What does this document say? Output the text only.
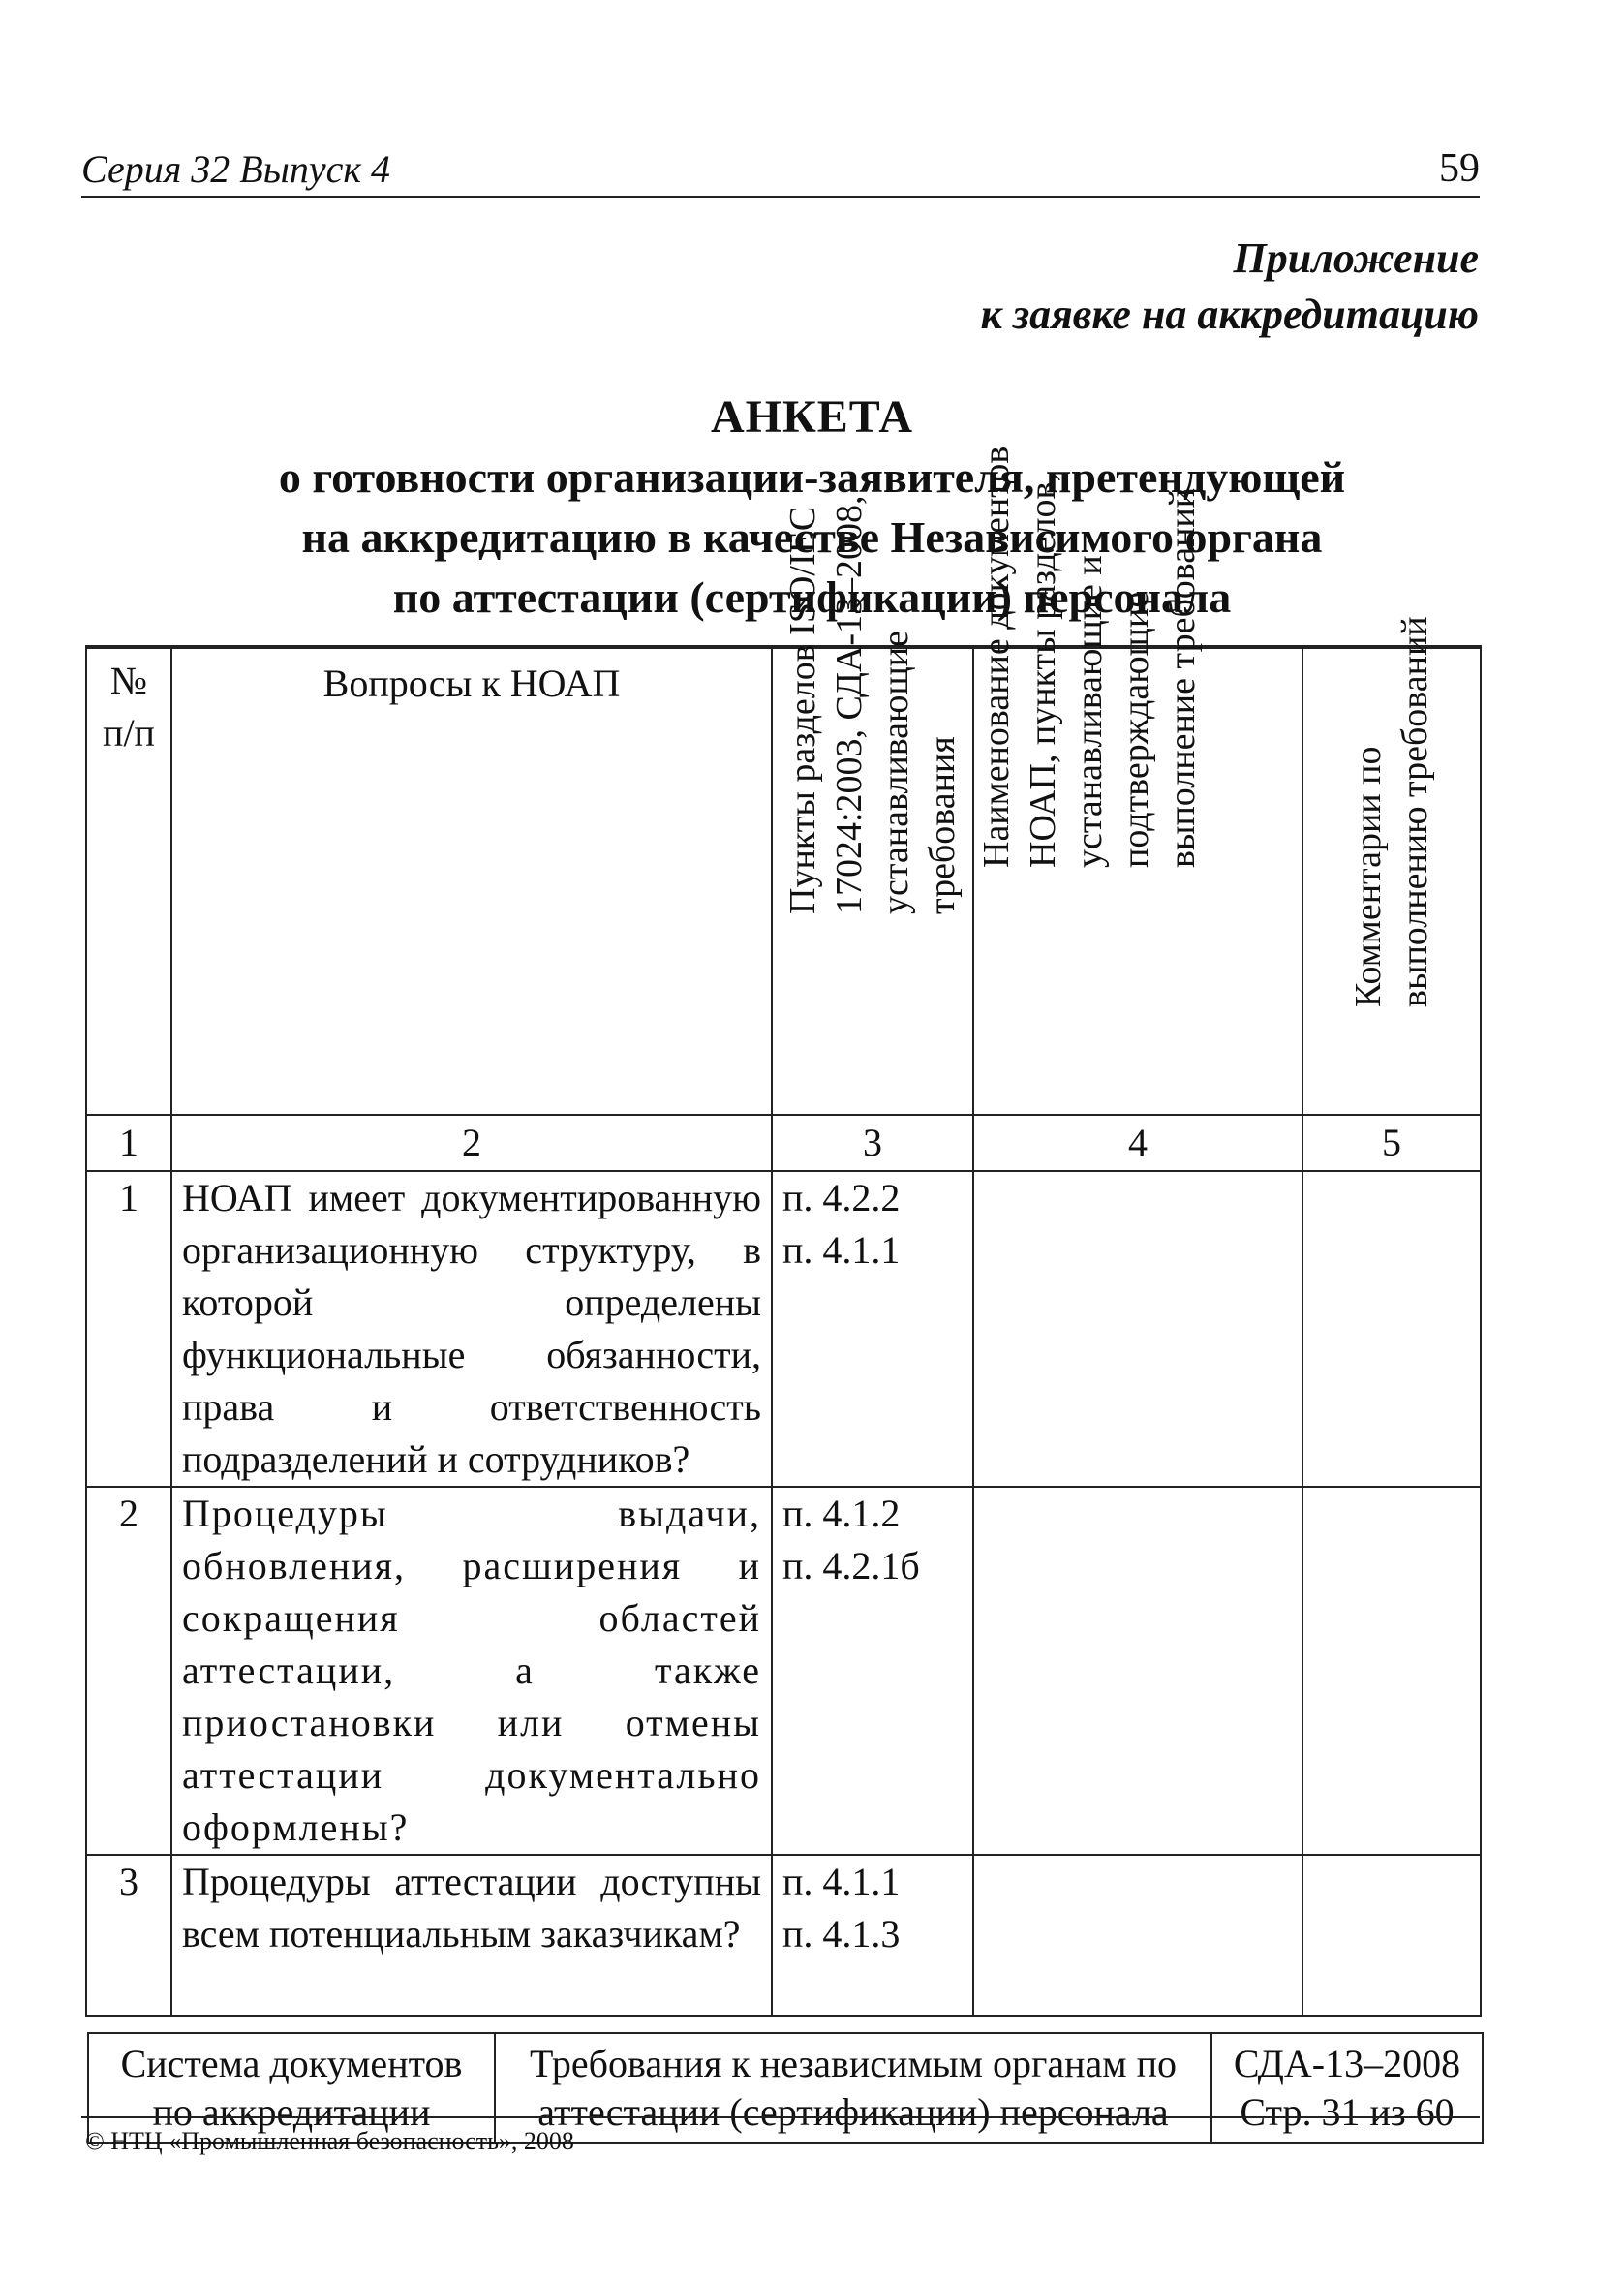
Серия 32 Выпуск 4	59
Приложение
к заявке на аккредитацию
АНКЕТА
о готовности организации-заявителя, претендующей
на аккредитацию в качестве Независимого органа
по аттестации (сертификации) персонала
№ п/п	Вопросы к НОАП	Пункты разделов ISO/IEC 17024:2003, СДА-13–2008, устанавливающие требования	Наименование документов НОАП, пункты разделов, устанавливающие и подтверждающие выполнение требований	Комментарии по выполнению требований

1	2	3	4	5
1	НОАП имеет документированную организационную структуру, в которой определены функциональные обязанности, права и ответственность подразделений и сотрудников?	п. 4.2.2
п. 4.1.1		

2	Процедуры выдачи, обновления, расширения и сокращения областей аттестации, а также приостановки или отмены аттестации документально оформлены?	п. 4.1.2
п. 4.2.1б		

3	Процедуры аттестации доступны всем потенциальным заказчикам?	п. 4.1.1
п. 4.1.3		

Система документов
по аккредитации

Требования к независимым органам по
аттестации (сертификации) персонала

СДА-13–2008
Стр. 31 из 60
© НТЦ «Промышленная безопасность», 2008
